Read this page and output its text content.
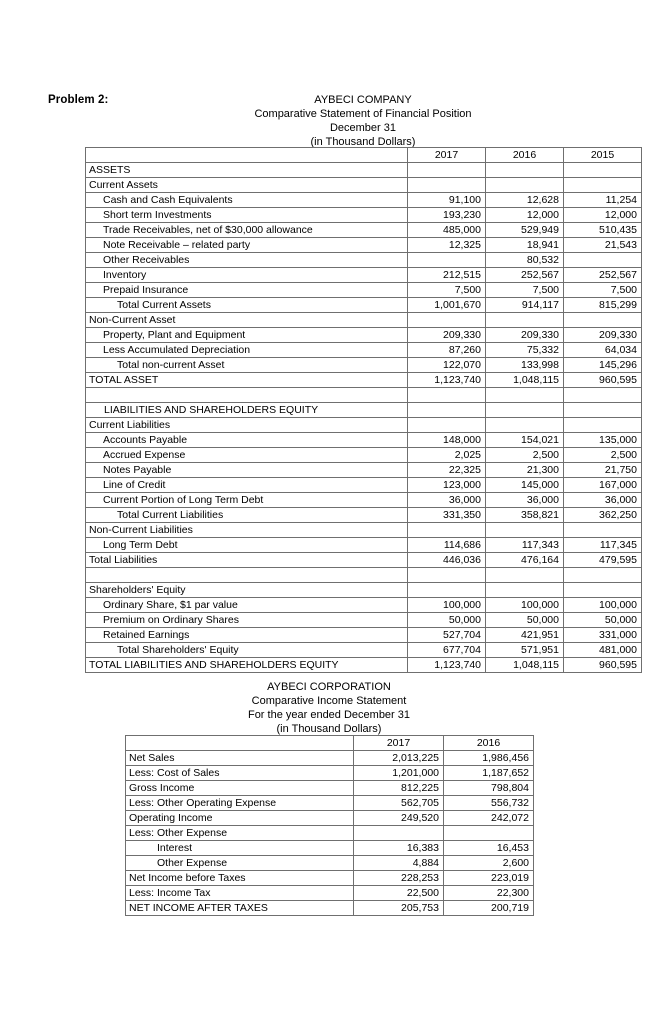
Problem 2:	AYBECI COMPANY
Comparative Statement of Financial Position
December 31
(in Thousand Dollars)
	2017	2016	2015
ASSETS			
Current Assets			
Cash and Cash Equivalents	91,100	12,628	11,254
Short term Investments	193,230	12,000	12,000
Trade Receivables, net of $30,000 allowance	485,000	529,949	510,435
Note Receivable – related party	12,325	18,941	21,543
Other Receivables		80,532	
Inventory	212,515	252,567	252,567
Prepaid Insurance	7,500	7,500	7,500
Total Current Assets	1,001,670	914,117	815,299
Non-Current Asset			
Property, Plant and Equipment	209,330	209,330	209,330
Less Accumulated Depreciation	87,260	75,332	64,034
Total non-current Asset	122,070	133,998	145,296
TOTAL ASSET	1,123,740	1,048,115	960,595

LIABILITIES AND SHAREHOLDERS EQUITY			
Current Liabilities			
Accounts Payable	148,000	154,021	135,000
Accrued Expense	2,025	2,500	2,500
Notes Payable	22,325	21,300	21,750
Line of Credit	123,000	145,000	167,000
Current Portion of Long Term Debt	36,000	36,000	36,000
Total Current Liabilities	331,350	358,821	362,250
Non-Current Liabilities			
Long Term Debt	114,686	117,343	117,345
Total Liabilities	446,036	476,164	479,595

Shareholders' Equity			
Ordinary Share, $1 par value	100,000	100,000	100,000
Premium on Ordinary Shares	50,000	50,000	50,000
Retained Earnings	527,704	421,951	331,000
Total Shareholders' Equity	677,704	571,951	481,000
TOTAL LIABILITIES AND SHAREHOLDERS EQUITY	1,123,740	1,048,115	960,595
AYBECI CORPORATION
Comparative Income Statement
For the year ended December 31
(in Thousand Dollars)
	2017	2016
Net Sales	2,013,225	1,986,456
Less: Cost of Sales	1,201,000	1,187,652
Gross Income	812,225	798,804
Less: Other Operating Expense	562,705	556,732
Operating Income	249,520	242,072
Less: Other Expense		
Interest	16,383	16,453
Other Expense	4,884	2,600
Net Income before Taxes	228,253	223,019
Less: Income Tax	22,500	22,300
NET INCOME AFTER TAXES	205,753	200,719
